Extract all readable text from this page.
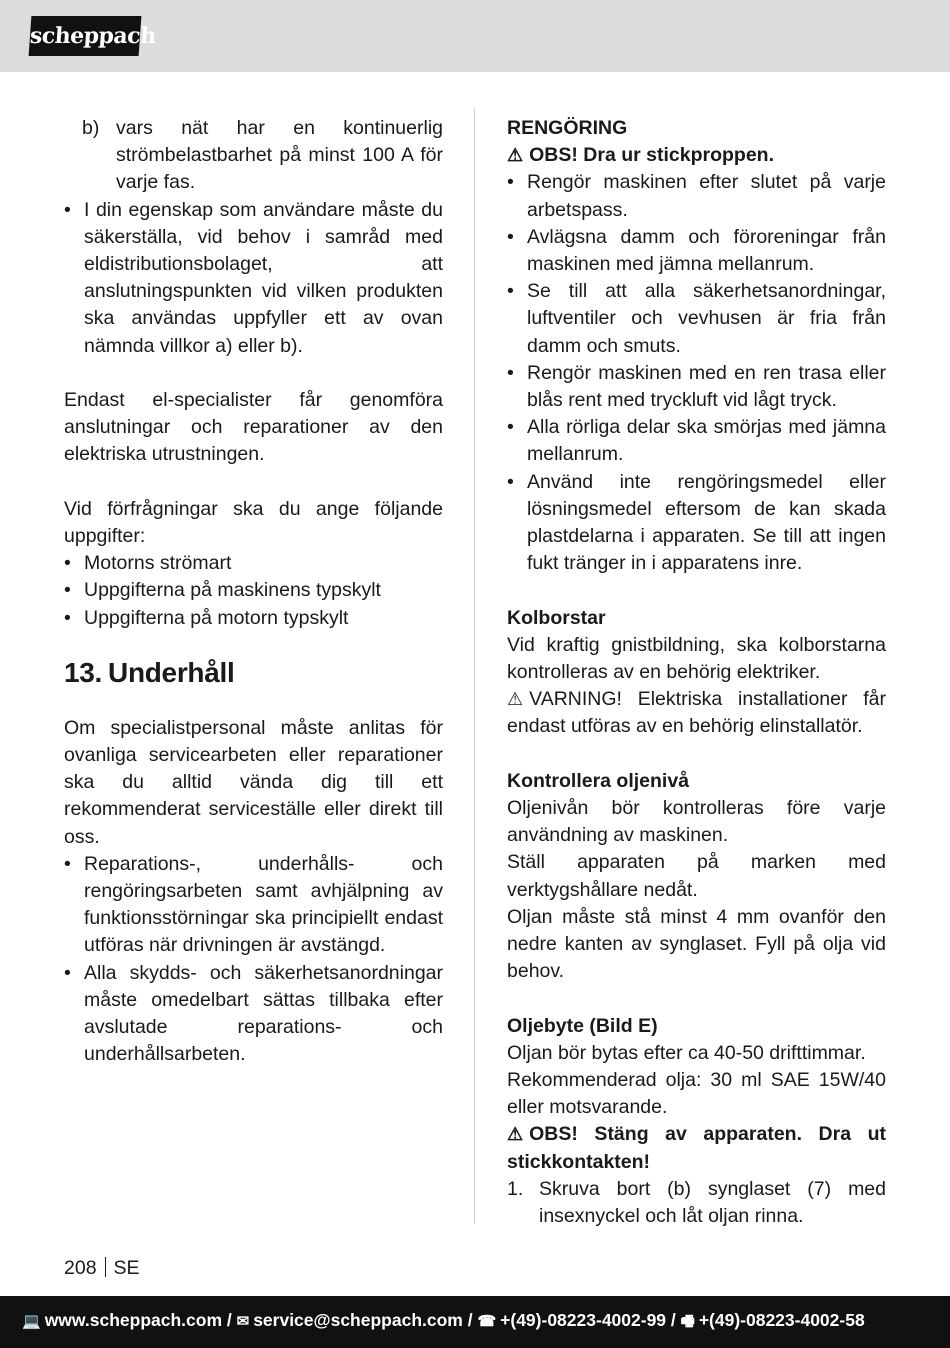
scheppach
b) vars nät har en kontinuerlig strömbelastbarhet på minst 100 A för varje fas.
• I din egenskap som användare måste du säkerställa, vid behov i samråd med eldistributionsbolaget, att anslutningspunkten vid vilken produkten ska användas uppfyller ett av ovan nämnda villkor a) eller b).

Endast el-specialister får genomföra anslutningar och reparationer av den elektriska utrustningen.

Vid förfrågningar ska du ange följande uppgifter:

• Motorns strömart
• Uppgifterna på maskinens typskylt
• Uppgifterna på motorn typskylt
13. Underhåll

Om specialistpersonal måste anlitas för ovanliga servicearbeten eller reparationer ska du alltid vända dig till ett rekommenderat serviceställe eller direkt till oss.

• Reparations-, underhålls- och rengöringsarbeten samt avhjälpning av funktionsstörningar ska principiellt endast utföras när drivningen är avstängd.
• Alla skydds- och säkerhetsanordningar måste omedelbart sättas tillbaka efter avslutade reparations- och underhållsarbeten.
RENGÖRING
⚠ OBS! Dra ur stickproppen.
• Rengör maskinen efter slutet på varje arbetspass.
• Avlägsna damm och föroreningar från maskinen med jämna mellanrum.
• Se till att alla säkerhetsanordningar, luftventiler och vevhusen är fria från damm och smuts.
• Rengör maskinen med en ren trasa eller blås rent med tryckluft vid lågt tryck.
• Alla rörliga delar ska smörjas med jämna mellanrum.
• Använd inte rengöringsmedel eller lösningsmedel eftersom de kan skada plastdelarna i apparaten. Se till att ingen fukt tränger in i apparatens inre.
Kolborstar

Vid kraftig gnistbildning, ska kolborstarna kontrolleras av en behörig elektriker.

⚠ VARNING! Elektriska installationer får endast utföras av en behörig elinstallatör.

Kontrollera oljenivå

Oljenivån bör kontrolleras före varje användning av maskinen.

Ställ apparaten på marken med verktygshållare nedåt.

Oljan måste stå minst 4 mm ovanför den nedre kanten av synglaset. Fyll på olja vid behov.

Oljebyte (Bild E)

Oljan bör bytas efter ca 40-50 drifttimmar.

Rekommenderad olja: 30 ml SAE 15W/40 eller motsvarande.

⚠ OBS! Stäng av apparaten. Dra ut stickkontakten!

1. Skruva bort (b) synglaset (7) med insexnyckel och låt oljan rinna.
208 SE
💻 www.scheppach.com / ✉ service@scheppach.com / ☎ +(49)-08223-4002-99 / 🖷 +(49)-08223-4002-58
